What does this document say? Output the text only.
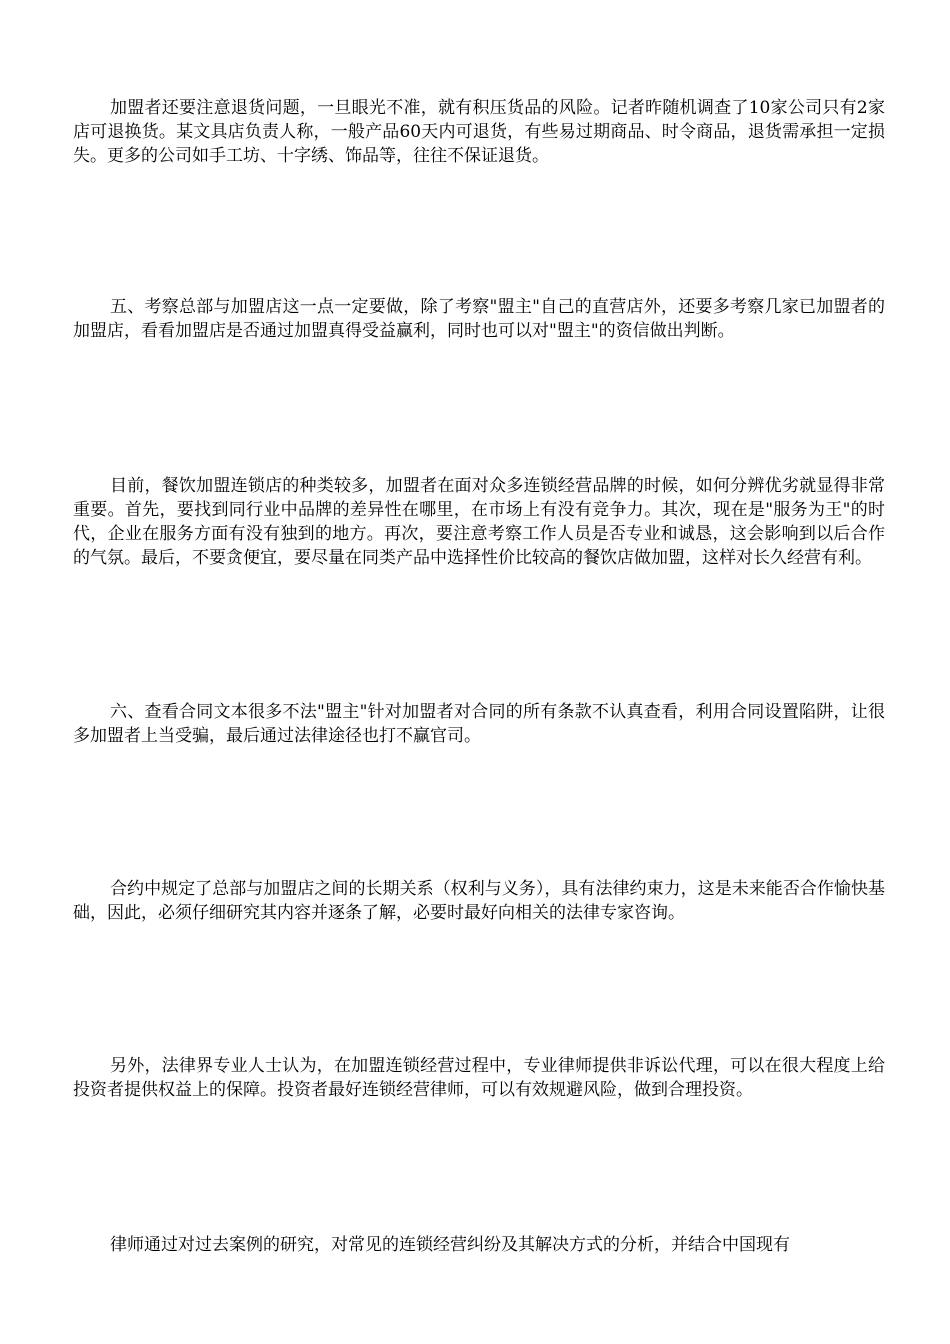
加盟者还要注意退货问题，一旦眼光不准，就有积压货品的风险。记者昨随机调查了10家公司只有2家店可退换货。某文具店负责人称，一般产品60天内可退货，有些易过期商品、时令商品，退货需承担一定损失。更多的公司如手工坊、十字绣、饰品等，往往不保证退货。

五、考察总部与加盟店这一点一定要做，除了考察"盟主"自己的直营店外，还要多考察几家已加盟者的加盟店，看看加盟店是否通过加盟真得受益赢利，同时也可以对"盟主"的资信做出判断。

目前，餐饮加盟连锁店的种类较多，加盟者在面对众多连锁经营品牌的时候，如何分辨优劣就显得非常重要。首先，要找到同行业中品牌的差异性在哪里，在市场上有没有竞争力。其次，现在是"服务为王"的时代，企业在服务方面有没有独到的地方。再次，要注意考察工作人员是否专业和诚恳，这会影响到以后合作的气氛。最后，不要贪便宜，要尽量在同类产品中选择性价比较高的餐饮店做加盟，这样对长久经营有利。

六、查看合同文本很多不法"盟主"针对加盟者对合同的所有条款不认真查看，利用合同设置陷阱，让很多加盟者上当受骗，最后通过法律途径也打不赢官司。

合约中规定了总部与加盟店之间的长期关系（权利与义务），具有法律约束力，这是未来能否合作愉快基础，因此，必须仔细研究其内容并逐条了解，必要时最好向相关的法律专家咨询。

另外，法律界专业人士认为，在加盟连锁经营过程中，专业律师提供非诉讼代理，可以在很大程度上给投资者提供权益上的保障。投资者最好连锁经营律师，可以有效规避风险，做到合理投资。

律师通过对过去案例的研究，对常见的连锁经营纠纷及其解决方式的分析，并结合中国现有
